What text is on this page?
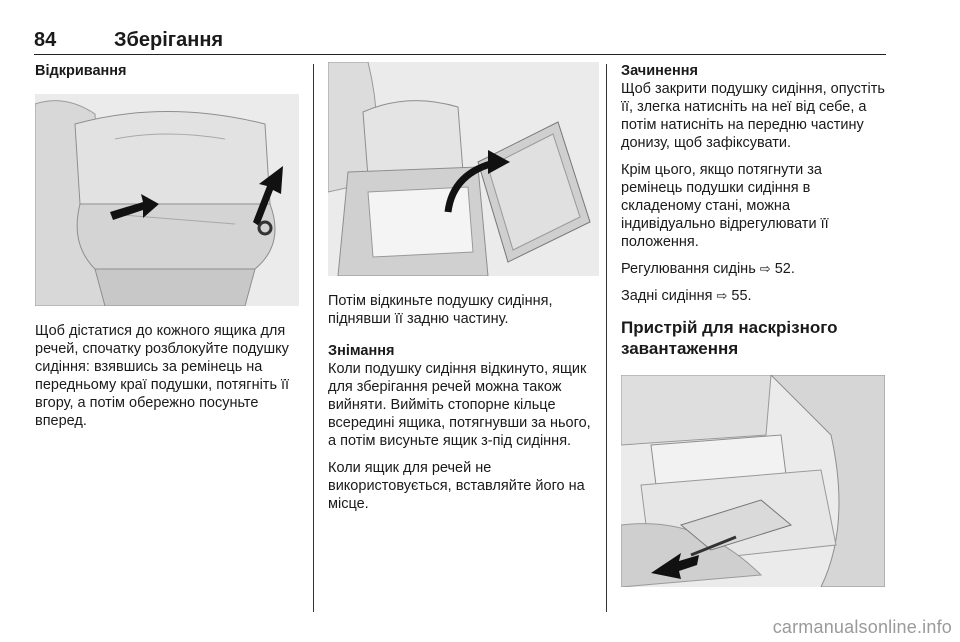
84	Зберігання

Відкривання

Щоб дістатися до кожного ящика для речей, спочатку розблокуйте подушку сидіння: взявшись за ремінець на передньому краї подушки, потягніть її вгору, а потім обережно посуньте вперед.

Потім відкиньте подушку сидіння, піднявши її задню частину.

Знімання

Коли подушку сидіння відкинуто, ящик для зберігання речей можна також вийняти. Вийміть стопорне кільце всередині ящика, потягнувши за нього, а потім висуньте ящик з-під сидіння.

Коли ящик для речей не використовується, вставляйте його на місце.

Зачинення

Щоб закрити подушку сидіння, опустіть її, злегка натисніть на неї від себе, а потім натисніть на передню частину донизу, щоб зафіксувати.

Крім цього, якщо потягнути за ремінець подушки сидіння в складеному стані, можна індивідуально відрегулювати її положення.

Регулювання сидінь ⇨ 52.

Задні сидіння ⇨ 55.

Пристрій для наскрізного
завантаження

carmanualsonline.info
